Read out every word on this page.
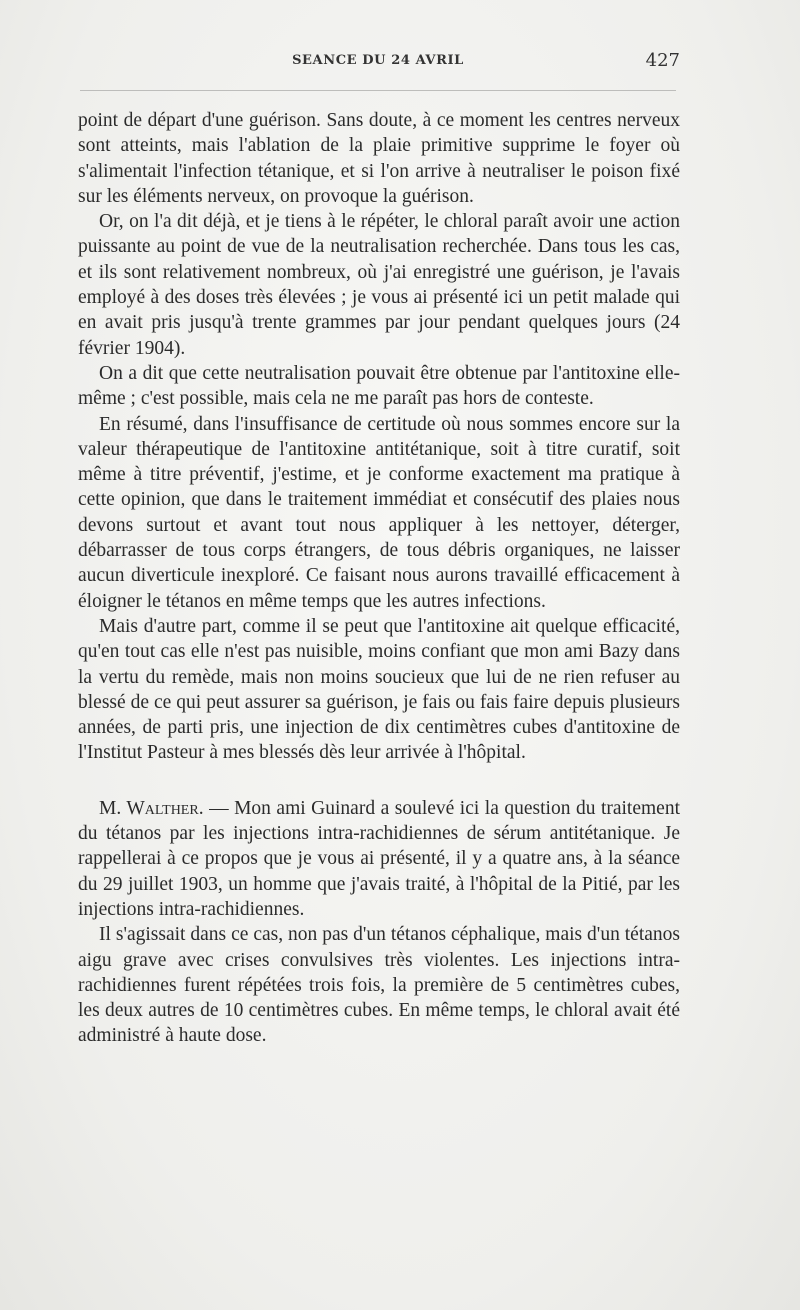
SEANCE DU 24 AVRIL	427

point de départ d'une guérison. Sans doute, à ce moment les centres nerveux sont atteints, mais l'ablation de la plaie primitive supprime le foyer où s'alimentait l'infection tétanique, et si l'on arrive à neutraliser le poison fixé sur les éléments nerveux, on provoque la guérison.

Or, on l'a dit déjà, et je tiens à le répéter, le chloral paraît avoir une action puissante au point de vue de la neutralisation recherchée. Dans tous les cas, et ils sont relativement nombreux, où j'ai enregistré une guérison, je l'avais employé à des doses très élevées ; je vous ai présenté ici un petit malade qui en avait pris jusqu'à trente grammes par jour pendant quelques jours (24 février 1904).

On a dit que cette neutralisation pouvait être obtenue par l'antitoxine elle-même ; c'est possible, mais cela ne me paraît pas hors de conteste.

En résumé, dans l'insuffisance de certitude où nous sommes encore sur la valeur thérapeutique de l'antitoxine antitétanique, soit à titre curatif, soit même à titre préventif, j'estime, et je conforme exactement ma pratique à cette opinion, que dans le traitement immédiat et consécutif des plaies nous devons surtout et avant tout nous appliquer à les nettoyer, déterger, débarrasser de tous corps étrangers, de tous débris organiques, ne laisser aucun diverticule inexploré. Ce faisant nous aurons travaillé efficacement à éloigner le tétanos en même temps que les autres infections.

Mais d'autre part, comme il se peut que l'antitoxine ait quelque efficacité, qu'en tout cas elle n'est pas nuisible, moins confiant que mon ami Bazy dans la vertu du remède, mais non moins soucieux que lui de ne rien refuser au blessé de ce qui peut assurer sa guérison, je fais ou fais faire depuis plusieurs années, de parti pris, une injection de dix centimètres cubes d'antitoxine de l'Institut Pasteur à mes blessés dès leur arrivée à l'hôpital.

M. Walther. — Mon ami Guinard a soulevé ici la question du traitement du tétanos par les injections intra-rachidiennes de sérum antitétanique. Je rappellerai à ce propos que je vous ai présenté, il y a quatre ans, à la séance du 29 juillet 1903, un homme que j'avais traité, à l'hôpital de la Pitié, par les injections intra-rachidiennes.

Il s'agissait dans ce cas, non pas d'un tétanos céphalique, mais d'un tétanos aigu grave avec crises convulsives très violentes. Les injections intra-rachidiennes furent répétées trois fois, la première de 5 centimètres cubes, les deux autres de 10 centimètres cubes. En même temps, le chloral avait été administré à haute dose.
